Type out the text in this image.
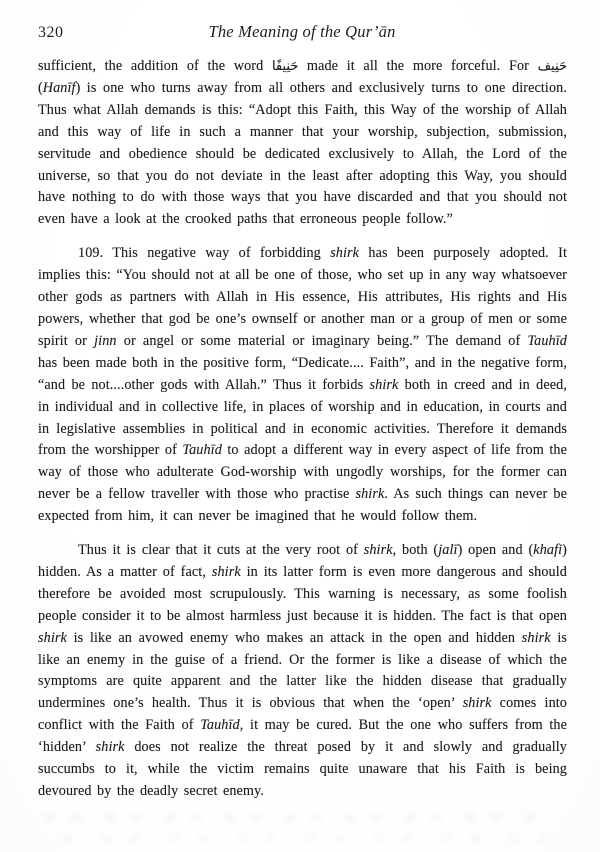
320	The Meaning of the Qur’ān

sufficient, the addition of the word حَنِيفًا made it all the more forceful. For حَنِيف (Hanīf) is one who turns away from all others and exclusively turns to one direction. Thus what Allah demands is this: “Adopt this Faith, this Way of the worship of Allah and this way of life in such a manner that your worship, subjection, submission, servitude and obedience should be dedicated exclusively to Allah, the Lord of the universe, so that you do not deviate in the least after adopting this Way, you should have nothing to do with those ways that you have discarded and that you should not even have a look at the crooked paths that erroneous people follow.”

109. This negative way of forbidding shirk has been purposely adopted. It implies this: “You should not at all be one of those, who set up in any way whatsoever other gods as partners with Allah in His essence, His attributes, His rights and His powers, whether that god be one’s ownself or another man or a group of men or some spirit or jinn or angel or some material or imaginary being.” The demand of Tauhīd has been made both in the positive form, “Dedicate.... Faith”, and in the negative form, “and be not....other gods with Allah.” Thus it forbids shirk both in creed and in deed, in individual and in collective life, in places of worship and in education, in courts and in legislative assemblies in political and in economic activities. Therefore it demands from the worshipper of Tauhīd to adopt a different way in every aspect of life from the way of those who adulterate God-worship with ungodly worships, for the former can never be a fellow traveller with those who practise shirk. As such things can never be expected from him, it can never be imagined that he would follow them.

Thus it is clear that it cuts at the very root of shirk, both (jalī) open and (khafi) hidden. As a matter of fact, shirk in its latter form is even more dangerous and should therefore be avoided most scrupulously. This warning is necessary, as some foolish people consider it to be almost harmless just because it is hidden. The fact is that open shirk is like an avowed enemy who makes an attack in the open and hidden shirk is like an enemy in the guise of a friend. Or the former is like a disease of which the symptoms are quite apparent and the latter like the hidden disease that gradually undermines one’s health. Thus it is obvious that when the ‘open’ shirk comes into conflict with the Faith of Tauhīd, it may be cured. But the one who suffers from the ‘hidden’ shirk does not realize the threat posed by it and slowly and gradually succumbs to it, while the victim remains quite unaware that his Faith is being devoured by the deadly secret enemy.
